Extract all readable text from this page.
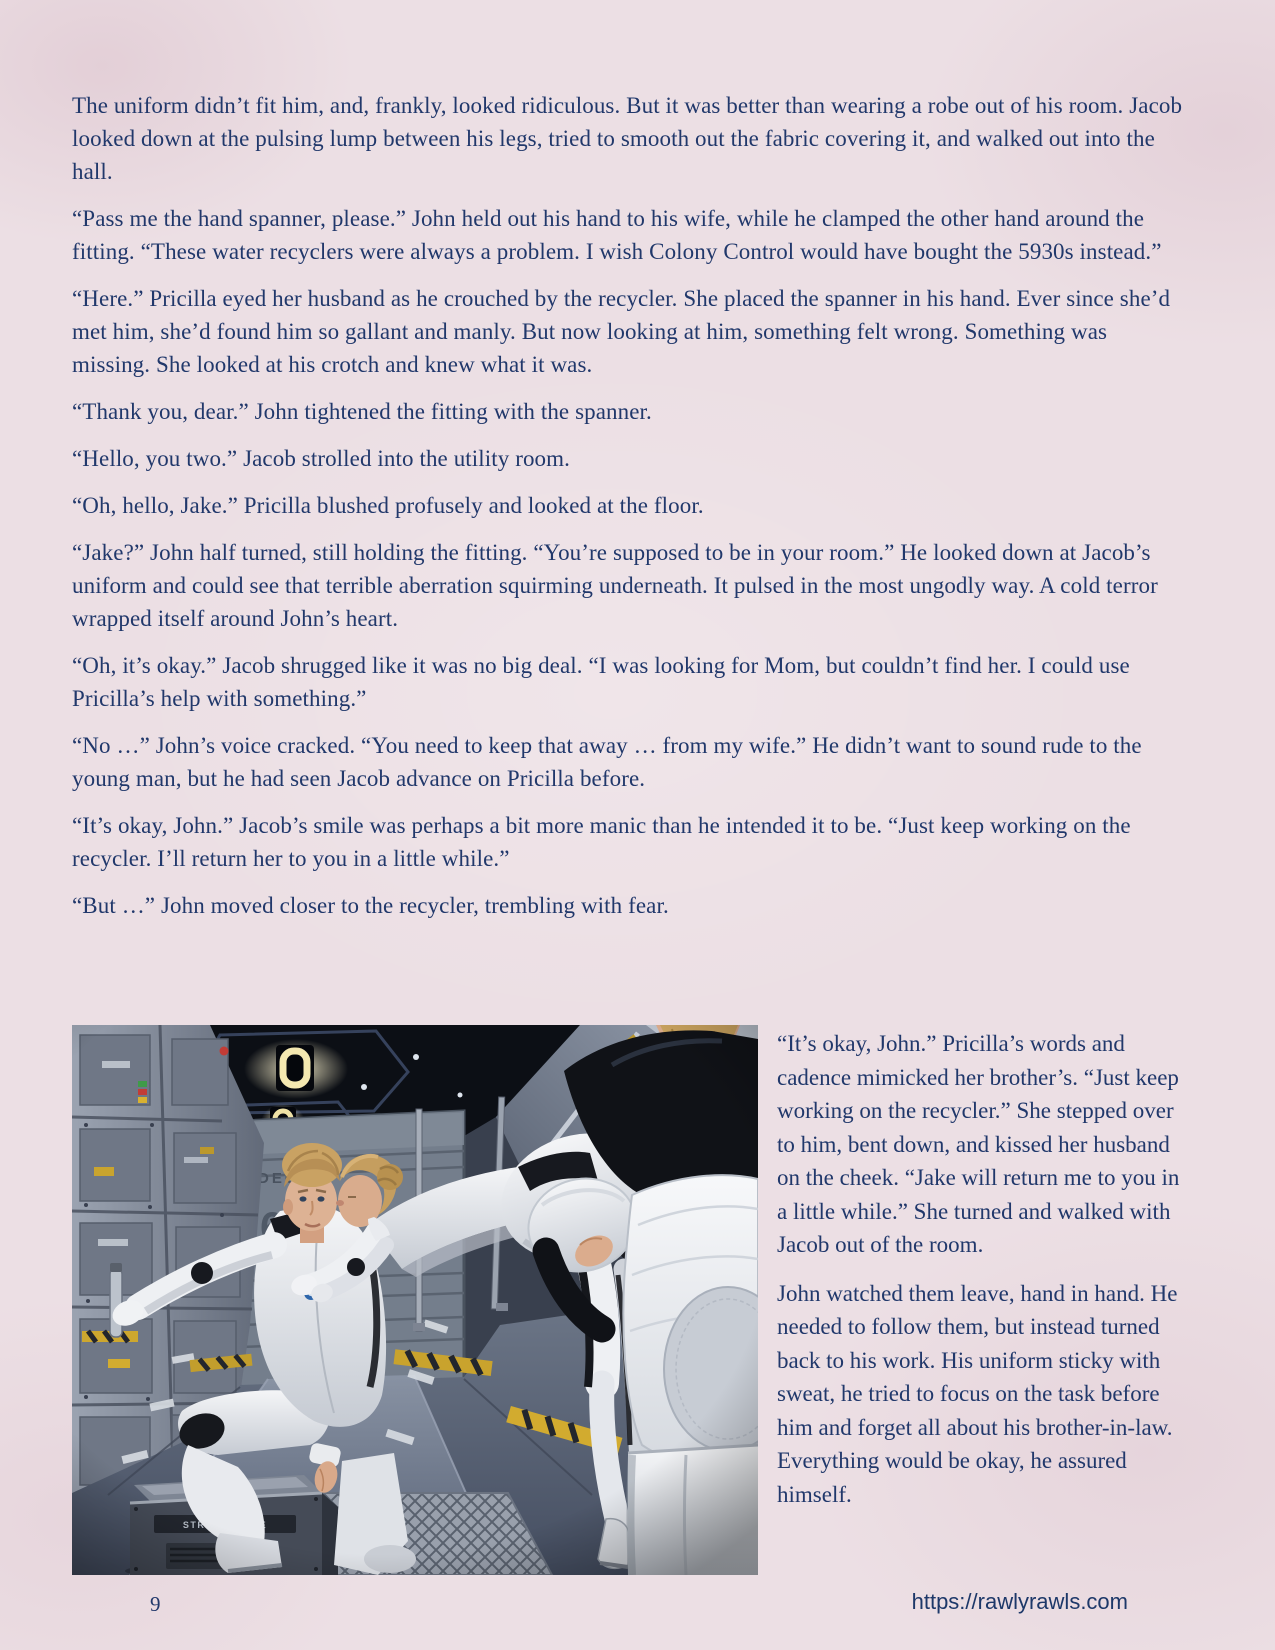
The uniform didn’t fit him, and, frankly, looked ridiculous. But it was better than wearing a robe out of his room. Jacob looked down at the pulsing lump between his legs, tried to smooth out the fabric covering it, and walked out into the hall.

“Pass me the hand spanner, please.” John held out his hand to his wife, while he clamped the other hand around the fitting. “These water recyclers were always a problem. I wish Colony Control would have bought the 5930s instead.”

“Here.” Pricilla eyed her husband as he crouched by the recycler. She placed the spanner in his hand. Ever since she’d met him, she’d found him so gallant and manly. But now looking at him, something felt wrong. Something was missing. She looked at his crotch and knew what it was.

“Thank you, dear.” John tightened the fitting with the spanner.

“Hello, you two.” Jacob strolled into the utility room.

“Oh, hello, Jake.” Pricilla blushed profusely and looked at the floor.

“Jake?” John half turned, still holding the fitting. “You’re supposed to be in your room.” He looked down at Jacob’s uniform and could see that terrible aberration squirming underneath. It pulsed in the most ungodly way. A cold terror wrapped itself around John’s heart.

“Oh, it’s okay.” Jacob shrugged like it was no big deal. “I was looking for Mom, but couldn’t find her. I could use Pricilla’s help with something.”

“No …” John’s voice cracked. “You need to keep that away … from my wife.” He didn’t want to sound rude to the young man, but he had seen Jacob advance on Pricilla before.

“It’s okay, John.” Jacob’s smile was perhaps a bit more manic than he intended it to be. “Just keep working on the recycler. I’ll return her to you in a little while.”

“But …” John moved closer to the recycler, trembling with fear.

“It’s okay, John.” Pricilla’s words and cadence mimicked her brother’s. “Just keep working on the recycler.” She stepped over to him, bent down, and kissed her husband on the cheek. “Jake will return me to you in a little while.” She turned and walked with Jacob out of the room.

John watched them leave, hand in hand. He needed to follow them, but instead turned back to his work. His uniform sticky with sweat, he tried to focus on the task before him and forget all about his brother-in-law. Everything would be okay, he assured himself.

9	https://rawlyrawls.com
